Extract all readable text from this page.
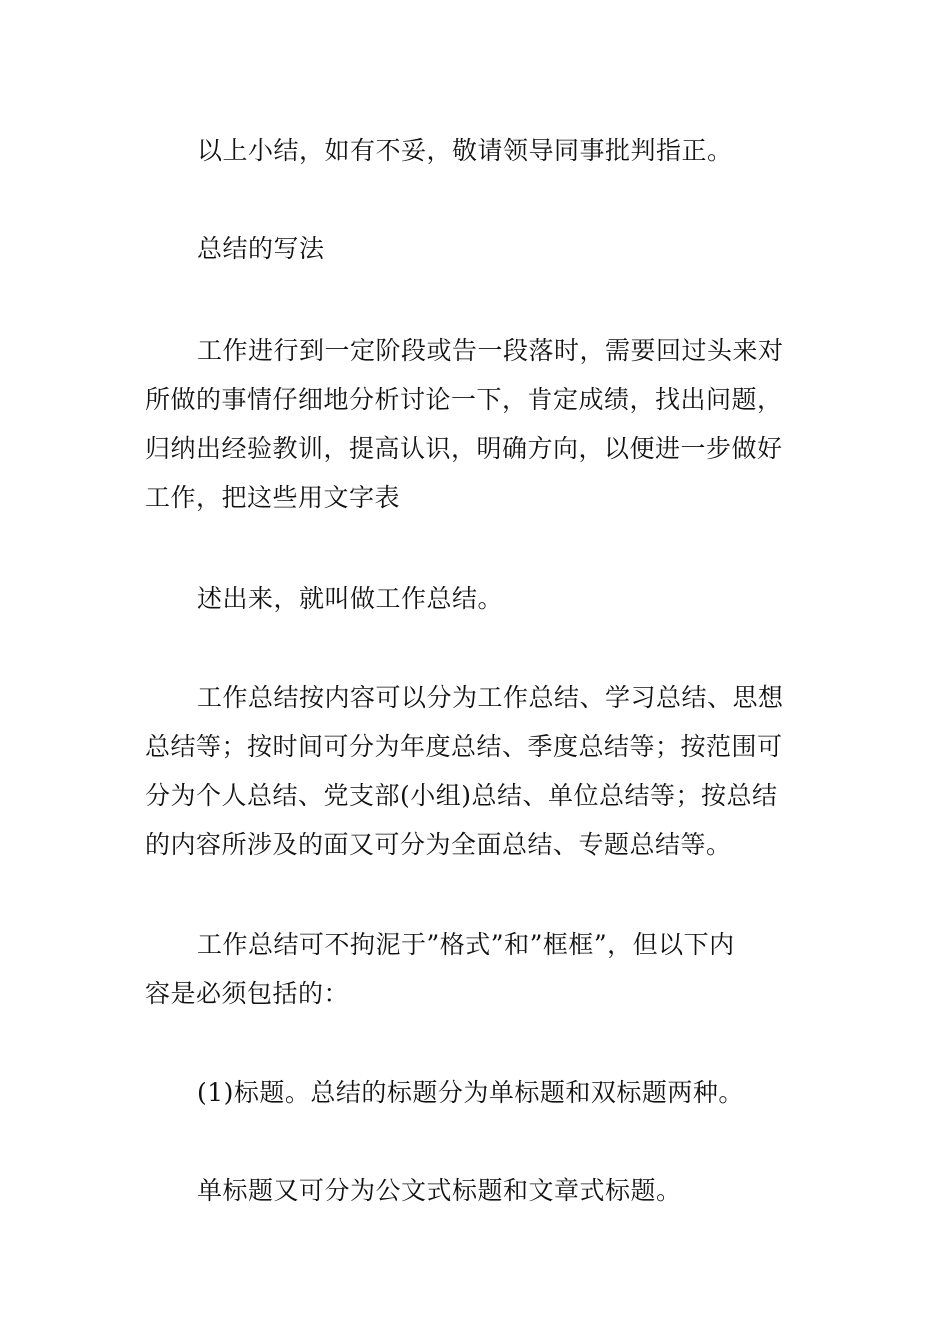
以上小结，如有不妥，敬请领导同事批判指正。

总结的写法

工作进行到一定阶段或告一段落时，需要回过头来对
所做的事情仔细地分析讨论一下，肯定成绩，找出问题，
归纳出经验教训，提高认识，明确方向，以便进一步做好
工作，把这些用文字表

述出来，就叫做工作总结。

工作总结按内容可以分为工作总结、学习总结、思想
总结等；按时间可分为年度总结、季度总结等；按范围可
分为个人总结、党支部(小组)总结、单位总结等；按总结
的内容所涉及的面又可分为全面总结、专题总结等。

工作总结可不拘泥于”格式”和”框框”，但以下内
容是必须包括的：

(1)标题。总结的标题分为单标题和双标题两种。

单标题又可分为公文式标题和文章式标题。
